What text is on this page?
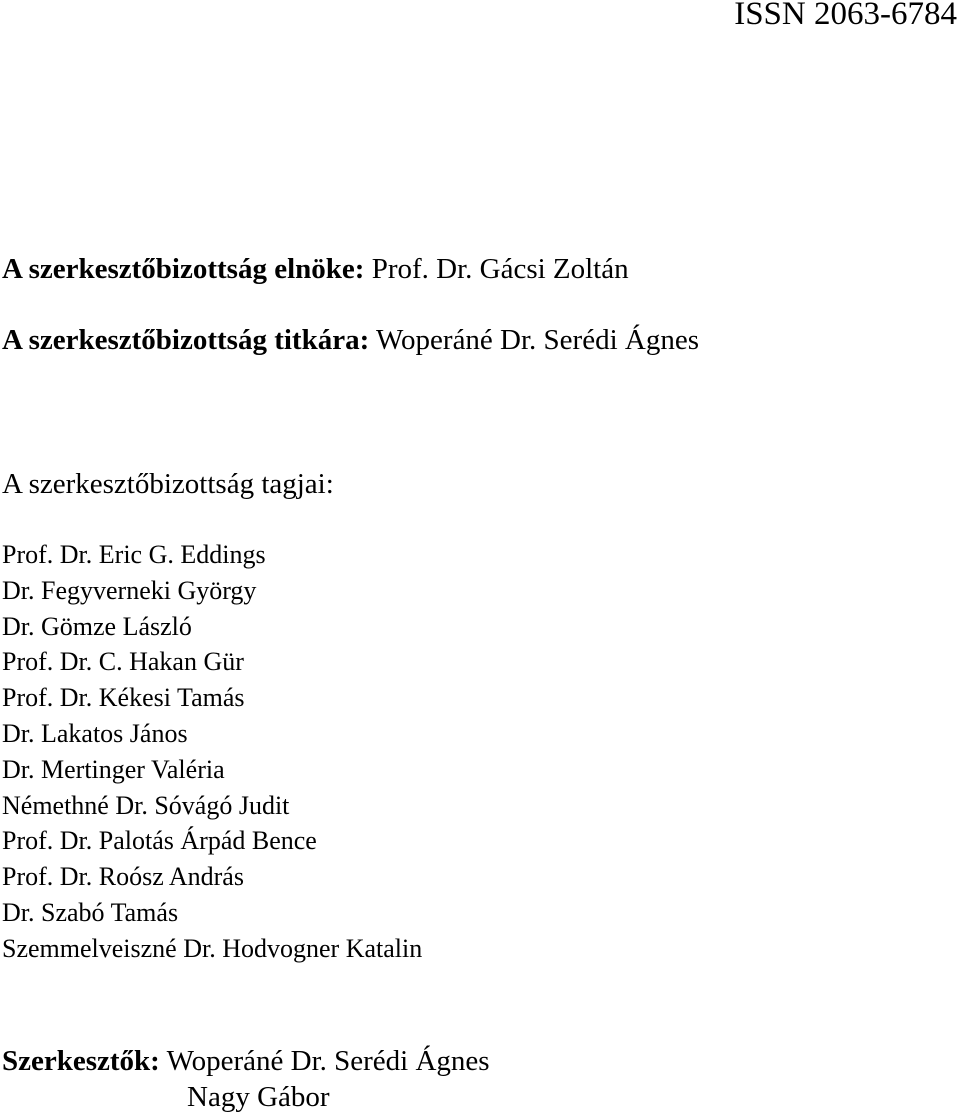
ISSN 2063-6784
A szerkesztőbizottság elnöke: Prof. Dr. Gácsi Zoltán
A szerkesztőbizottság titkára: Woperáné Dr. Serédi Ágnes
A szerkesztőbizottság tagjai:
Prof. Dr. Eric G. Eddings
Dr. Fegyverneki György
Dr. Gömze László
Prof. Dr. C. Hakan Gür
Prof. Dr. Kékesi Tamás
Dr. Lakatos János
Dr. Mertinger Valéria
Némethné Dr. Sóvágó Judit
Prof. Dr. Palotás Árpád Bence
Prof. Dr. Roósz András
Dr. Szabó Tamás
Szemmelveiszné Dr. Hodvogner Katalin
Szerkesztők: Woperáné Dr. Serédi Ágnes
Nagy Gábor
